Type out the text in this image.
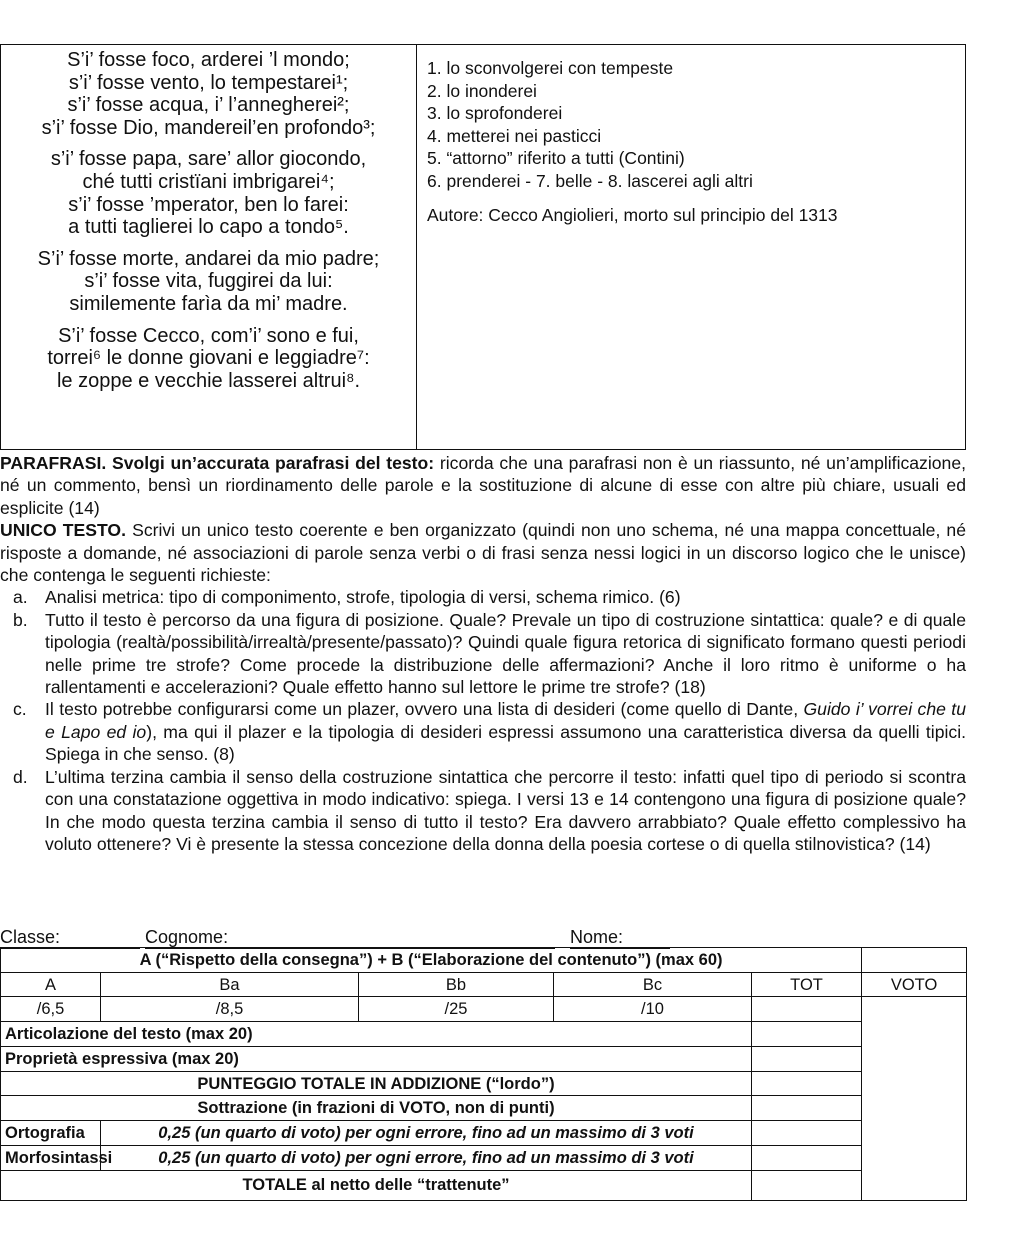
S’i’ fosse foco, arderei ’l mondo;
s’i’ fosse vento, lo tempestarei¹;
s’i’ fosse acqua, i’ l’annegherei²;
s’i’ fosse Dio, mandereil’en profondo³;
s’i’ fosse papa, sare’ allor giocondo,
ché tutti cristïani imbrigarei⁴;
s’i’ fosse ’mperator, ben lo farei:
a tutti taglierei lo capo a tondo⁵.
S’i’ fosse morte, andarei da mio padre;
s’i’ fosse vita, fuggirei da lui:
similemente farìa da mi’ madre.
S’i’ fosse Cecco, com’i’ sono e fui,
torrei⁶ le donne giovani e leggiadre⁷:
le zoppe e vecchie lasserei altrui⁸.

1. lo sconvolgerei con tempeste
2. lo inonderei
3. lo sprofonderei
4. metterei nei pasticci
5. “attorno” riferito a tutti (Contini)
6. prenderei - 7. belle - 8. lascerei agli altri
Autore: Cecco Angiolieri, morto sul principio del 1313

PARAFRASI. Svolgi un’accurata parafrasi del testo: ricorda che una parafrasi non è un riassunto, né un’amplificazione, né un commento, bensì un riordinamento delle parole e la sostituzione di alcune di esse con altre più chiare, usuali ed esplicite (14)

UNICO TESTO. Scrivi un unico testo coerente e ben organizzato (quindi non uno schema, né una mappa concettuale, né risposte a domande, né associazioni di parole senza verbi o di frasi senza nessi logici in un discorso logico che le unisce) che contenga le seguenti richieste:

a. Analisi metrica: tipo di componimento, strofe, tipologia di versi, schema rimico. (6)
b. Tutto il testo è percorso da una figura di posizione. Quale? Prevale un tipo di costruzione sintattica: quale? e di quale tipologia (realtà/possibilità/irrealtà/presente/passato)? Quindi quale figura retorica di significato formano questi periodi nelle prime tre strofe? Come procede la distribuzione delle affermazioni? Anche il loro ritmo è uniforme o ha rallentamenti e accelerazioni? Quale effetto hanno sul lettore le prime tre strofe? (18)
c. Il testo potrebbe configurarsi come un plazer, ovvero una lista di desideri (come quello di Dante, Guido i’ vorrei che tu e Lapo ed io), ma qui il plazer e la tipologia di desideri espressi assumono una caratteristica diversa da quelli tipici. Spiega in che senso. (8)
d. L’ultima terzina cambia il senso della costruzione sintattica che percorre il testo: infatti quel tipo di periodo si scontra con una constatazione oggettiva in modo indicativo: spiega. I versi 13 e 14 contengono una figura di posizione quale? In che modo questa terzina cambia il senso di tutto il testo? Era davvero arrabbiato? Quale effetto complessivo ha voluto ottenere? Vi è presente la stessa concezione della donna della poesia cortese o di quella stilnovistica? (14)
Classe:	Cognome:	Nome:
A (“Rispetto della consegna”) + B (“Elaborazione del contenuto”) (max 60)					
A	Ba	Bb	Bc	TOT	VOTO
/6,5	/8,5	/25	/10		
Articolazione del testo (max 20)					
Proprietà espressiva (max 20)					
PUNTEGGIO TOTALE IN ADDIZIONE (“lordo”)					
Sottrazione (in frazioni di VOTO, non di punti)					
Ortografia	0,25 (un quarto di voto) per ogni errore, fino ad un massimo di 3 voti				
Morfosintassi	0,25 (un quarto di voto) per ogni errore, fino ad un massimo di 3 voti				
TOTALE al netto delle “trattenute”					
